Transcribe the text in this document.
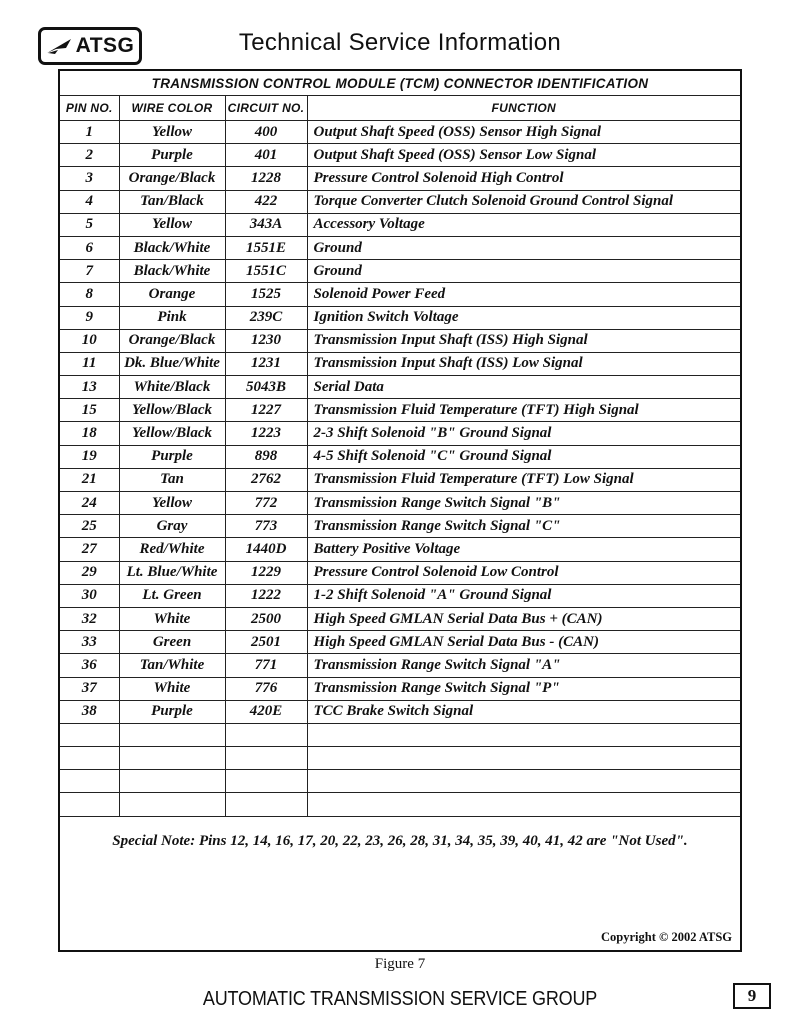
ATSG	Technical Service Information
TRANSMISSION CONTROL MODULE (TCM) CONNECTOR IDENTIFICATION			
PIN NO.	WIRE COLOR	CIRCUIT NO.	FUNCTION
1	Yellow	400	Output Shaft Speed (OSS) Sensor High Signal
2	Purple	401	Output Shaft Speed (OSS) Sensor Low Signal
3	Orange/Black	1228	Pressure Control Solenoid High Control
4	Tan/Black	422	Torque Converter Clutch Solenoid Ground Control Signal
5	Yellow	343A	Accessory Voltage
6	Black/White	1551E	Ground
7	Black/White	1551C	Ground
8	Orange	1525	Solenoid Power Feed
9	Pink	239C	Ignition Switch Voltage
10	Orange/Black	1230	Transmission Input Shaft (ISS) High Signal
11	Dk. Blue/White	1231	Transmission Input Shaft (ISS) Low Signal
13	White/Black	5043B	Serial Data
15	Yellow/Black	1227	Transmission Fluid Temperature (TFT) High Signal
18	Yellow/Black	1223	2-3 Shift Solenoid "B" Ground Signal
19	Purple	898	4-5 Shift Solenoid "C" Ground Signal
21	Tan	2762	Transmission Fluid Temperature (TFT) Low Signal
24	Yellow	772	Transmission Range Switch Signal "B"
25	Gray	773	Transmission Range Switch Signal "C"
27	Red/White	1440D	Battery Positive Voltage
29	Lt. Blue/White	1229	Pressure Control Solenoid Low Control
30	Lt. Green	1222	1-2 Shift Solenoid "A" Ground Signal
32	White	2500	High Speed GMLAN Serial Data Bus + (CAN)
33	Green	2501	High Speed GMLAN Serial Data Bus - (CAN)
36	Tan/White	771	Transmission Range Switch Signal "A"
37	White	776	Transmission Range Switch Signal "P"
38	Purple	420E	TCC Brake Switch Signal

Special Note: Pins 12, 14, 16, 17, 20, 22, 23, 26, 28, 31, 34, 35, 39, 40, 41, 42 are "Not Used".
Copyright © 2002 ATSG
Figure 7
AUTOMATIC TRANSMISSION SERVICE GROUP	9
